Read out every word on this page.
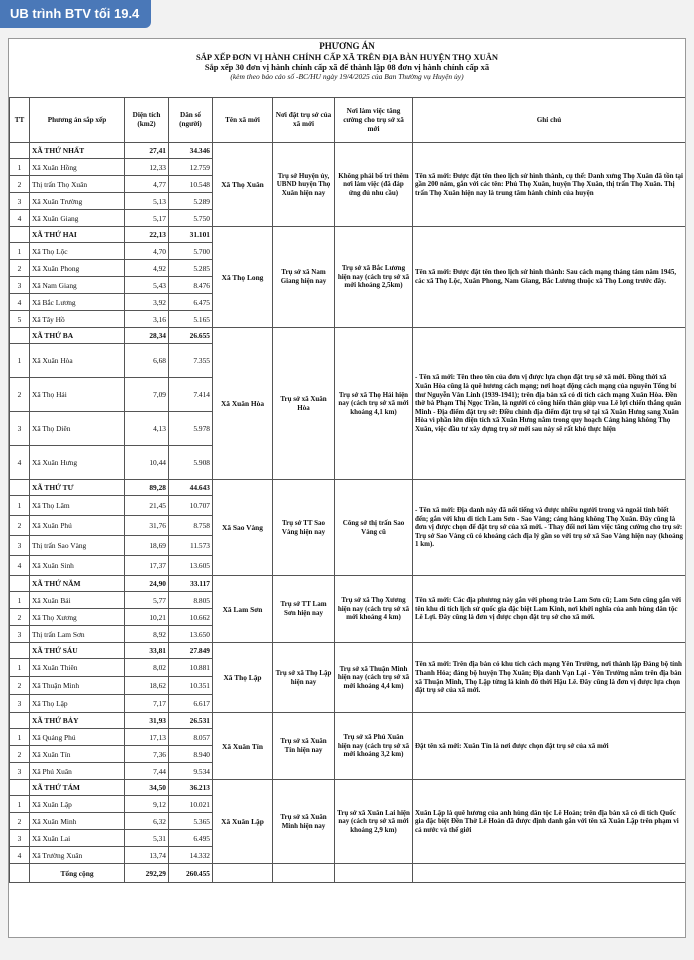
UB trình BTV tối 19.4
PHƯƠNG ÁN
SẮP XẾP ĐƠN VỊ HÀNH CHÍNH CẤP XÃ TRÊN ĐỊA BÀN HUYỆN THỌ XUÂN
Sắp xếp 30 đơn vị hành chính cấp xã để thành lập 08 đơn vị hành chính cấp xã
(kèm theo báo cáo số -BC/HU ngày 19/4/2025 của Ban Thường vụ Huyện ủy)
TT	Phương án sắp xếp	Diện tích (km2)	Dân số (người)	Tên xã mới	Nơi đặt trụ sở của xã mới	Nơi làm việc tăng cường cho trụ sở xã mới	Ghi chú
	XÃ THỨ NHẤT	27,41	34.346	Xã Thọ Xuân	Trụ sở Huyện ủy, UBND huyện Thọ Xuân hiện nay	Không phải bố trí thêm nơi làm việc (đã đáp ứng đủ nhu cầu)	Tên xã mới: Được đặt tên theo lịch sử hình thành, cụ thể: Danh xưng Thọ Xuân đã tồn tại gần 200 năm, gắn với các tên: Phủ Thọ Xuân, huyện Thọ Xuân, thị trấn Thọ Xuân. Thị trấn Thọ Xuân hiện nay là trung tâm hành chính của huyện
1	Xã Xuân Hồng	12,33	12.759				
2	Thị trấn Thọ Xuân	4,77	10.548				
3	Xã Xuân Trường	5,13	5.289				
4	Xã Xuân Giang	5,17	5.750				
	XÃ THỨ HAI	22,13	31.101	Xã Thọ Long	Trụ sở xã Nam Giang hiện nay	Trụ sở xã Bắc Lương hiện nay (cách trụ sở xã mới khoảng 2,5km)	Tên xã mới: Được đặt tên theo lịch sử hình thành: Sau cách mạng tháng tám năm 1945, các xã Thọ Lộc, Xuân Phong, Nam Giang, Bắc Lương thuộc xã Thọ Long trước đây.
1	Xã Thọ Lộc	4,70	5.700				
2	Xã Xuân Phong	4,92	5.285				
3	Xã Nam Giang	5,43	8.476				
4	Xã Bắc Lương	3,92	6.475				
5	Xã Tây Hồ	3,16	5.165				
	XÃ THỨ BA	28,34	26.655	Xã Xuân Hòa	Trụ sở xã Xuân Hòa	Trụ sở xã Thọ Hải hiện nay (cách trụ sở xã mới khoảng 4,1 km)	- Tên xã mới: Tên theo tên của đơn vị được lựa chọn đặt trụ sở xã mới. Đồng thời xã Xuân Hòa cũng là quê hương cách mạng; nơi hoạt động cách mạng của nguyên Tổng bí thư Nguyễn Văn Linh (1939-1941); trên địa bàn xã có di tích cách mạng Xuân Hòa. Đền thờ bà Phạm Thị Ngọc Trần, là người có công hiến thân giúp vua Lê lợi chiến thắng quân Minh - Địa điểm đặt trụ sở: Điều chỉnh địa điểm đặt trụ sở tại xã Xuân Hưng sang Xuân Hòa vì phần lớn diện tích xã Xuân Hưng nằm trong quy hoạch Cảng hàng không Thọ Xuân, việc đầu tư xây dựng trụ sở mới sau này sẽ rất khó thực hiện
1	Xã Xuân Hòa	6,68	7.355				
2	Xã Thọ Hải	7,09	7.414				
3	Xã Thọ Diên	4,13	5.978				
4	Xã Xuân Hưng	10,44	5.908				
	XÃ THỨ TƯ	89,28	44.643	Xã Sao Vàng	Trụ sở TT Sao Vàng hiện nay	Công sở thị trấn Sao Vàng cũ	- Tên xã mới: Địa danh này đã nổi tiếng và được nhiều người trong và ngoài tỉnh biết đến; gắn với khu di tích Lam Sơn - Sao Vàng; cảng hàng không Thọ Xuân. Đây cũng là đơn vị được chọn để đặt trụ sở của xã mới. - Thay đổi nơi làm việc tăng cường cho trụ sở: Trụ sở Sao Vàng cũ có khoảng cách địa lý gần so với trụ sở xã Sao Vàng hiện nay (khoảng 1 km).
1	Xã Thọ Lâm	21,45	10.707				
2	Xã Xuân Phú	31,76	8.758				
3	Thị trấn Sao Vàng	18,69	11.573				
4	Xã Xuân Sinh	17,37	13.605				
	XÃ THỨ NĂM	24,90	33.117	Xã Lam Sơn	Trụ sở TT Lam Sơn hiện nay	Trụ sở xã Thọ Xương hiện nay (cách trụ sở xã mới khoảng 4 km)	Tên xã mới: Các địa phương này gắn với phong trào Lam Sơn cũ; Lam Sơn cũng gắn với tên khu di tích lịch sử quốc gia đặc biệt Lam Kinh, nơi khởi nghĩa của anh hùng dân tộc Lê Lợi. Đây cũng là đơn vị được chọn đặt trụ sở cho xã mới.
1	Xã Xuân Bái	5,77	8.805				
2	Xã Thọ Xương	10,21	10.662				
3	Thị trấn Lam Sơn	8,92	13.650				
	XÃ THỨ SÁU	33,81	27.849	Xã Thọ Lập	Trụ sở xã Thọ Lập hiện nay	Trụ sở xã Thuận Minh hiện nay (cách trụ sở xã mới khoảng 4,4 km)	Tên xã mới: Trên địa bàn có khu tích cách mạng Yên Trường, nơi thành lập Đảng bộ tỉnh Thanh Hóa; đảng bộ huyện Thọ Xuân; Địa danh Vạn Lại - Yên Trường nằm trên địa bàn xã Thuận Minh, Thọ Lập từng là kinh đô thời Hậu Lê. Đây cũng là đơn vị được lựa chọn đặt trụ sở của xã mới.
1	Xã Xuân Thiên	8,02	10.881				
2	Xã Thuận Minh	18,62	10.351				
3	Xã Thọ Lập	7,17	6.617				
	XÃ THỨ BẢY	31,93	26.531	Xã Xuân Tín	Trụ sở xã Xuân Tín hiện nay	Trụ sở xã Phú Xuân hiện nay (cách trụ sở xã mới khoảng 3,2 km)	Đặt tên xã mới: Xuân Tín là nơi được chọn đặt trụ sở của xã mới
1	Xã Quảng Phú	17,13	8.057				
2	Xã Xuân Tín	7,36	8.940				
3	Xã Phú Xuân	7,44	9.534				
	XÃ THỨ TÁM	34,50	36.213	Xã Xuân Lập	Trụ sở xã Xuân Minh hiện nay	Trụ sở xã Xuân Lai hiện nay (cách trụ sở xã mới khoảng 2,9 km)	Xuân Lập là quê hương của anh hùng dân tộc Lê Hoàn; trên địa bàn xã có di tích Quốc gia đặc biệt Đền Thờ Lê Hoàn đã được định danh gắn với tên xã Xuân Lập trên phạm vi cả nước và thế giới
1	Xã Xuân Lập	9,12	10.021				
2	Xã Xuân Minh	6,32	5.365				
3	Xã Xuân Lai	5,31	6.495				
4	Xã Trường Xuân	13,74	14.332				
	Tổng cộng	292,29	260.455				
